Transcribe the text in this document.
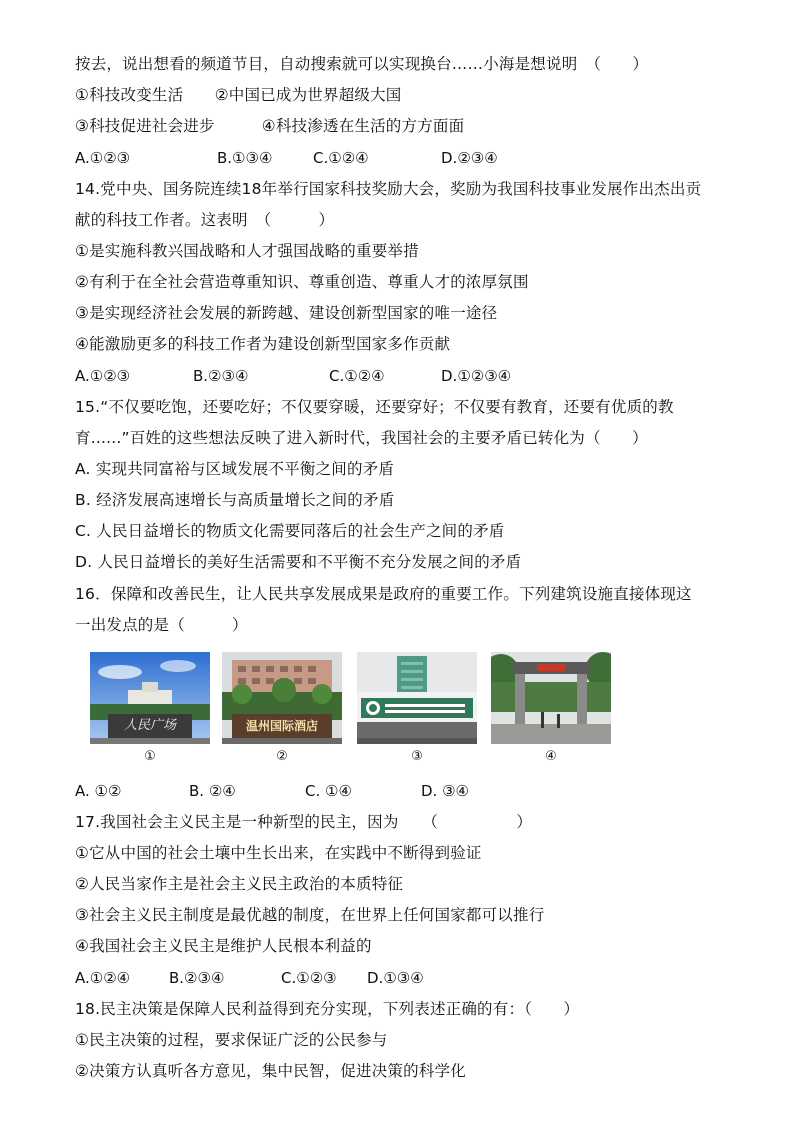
按去，说出想看的频道节目，自动搜索就可以实现换台……小海是想说明　（　　）
①科技改变生活　　②中国已成为世界超级大国
③科技促进社会进步　　　④科技渗透在生活的方方面面
A.①②③	B.①③④	C.①②④	D.②③④
14.党中央、国务院连续18年举行国家科技奖励大会，奖励为我国科技事业发展作出杰出贡
献的科技工作者。这表明　（　　　）
①是实施科教兴国战略和人才强国战略的重要举措
②有利于在全社会营造尊重知识、尊重创造、尊重人才的浓厚氛围
③是实现经济社会发展的新跨越、建设创新型国家的唯一途径
④能激励更多的科技工作者为建设创新型国家多作贡献
A.①②③	B.②③④	C.①②④	D.①②③④
15.“不仅要吃饱，还要吃好；不仅要穿暖，还要穿好；不仅要有教育，还要有优质的教
育......”百姓的这些想法反映了进入新时代，我国社会的主要矛盾已转化为（　　）
A. 实现共同富裕与区域发展不平衡之间的矛盾
B. 经济发展高速增长与高质量增长之间的矛盾
C. 人民日益增长的物质文化需要同落后的社会生产之间的矛盾
D. 人民日益增长的美好生活需要和不平衡不充分发展之间的矛盾
16．保障和改善民生，让人民共享发展成果是政府的重要工作。下列建筑设施直接体现这
一出发点的是（　　　）
人民广场
①
温州国际酒店
②	③	④
A. ①②	B. ②④	C. ①④	D. ③④
17.我国社会主义民主是一种新型的民主，因为　　（　　　　　）
①它从中国的社会土壤中生长出来，在实践中不断得到验证
②人民当家作主是社会主义民主政治的本质特征
③社会主义民主制度是最优越的制度，在世界上任何国家都可以推行
④我国社会主义民主是维护人民根本利益的
A.①②④	B.②③④	C.①②③ D.①③④
18.民主决策是保障人民利益得到充分实现，下列表述正确的有：（　　）
①民主决策的过程，要求保证广泛的公民参与
②决策方认真听各方意见，集中民智，促进决策的科学化
